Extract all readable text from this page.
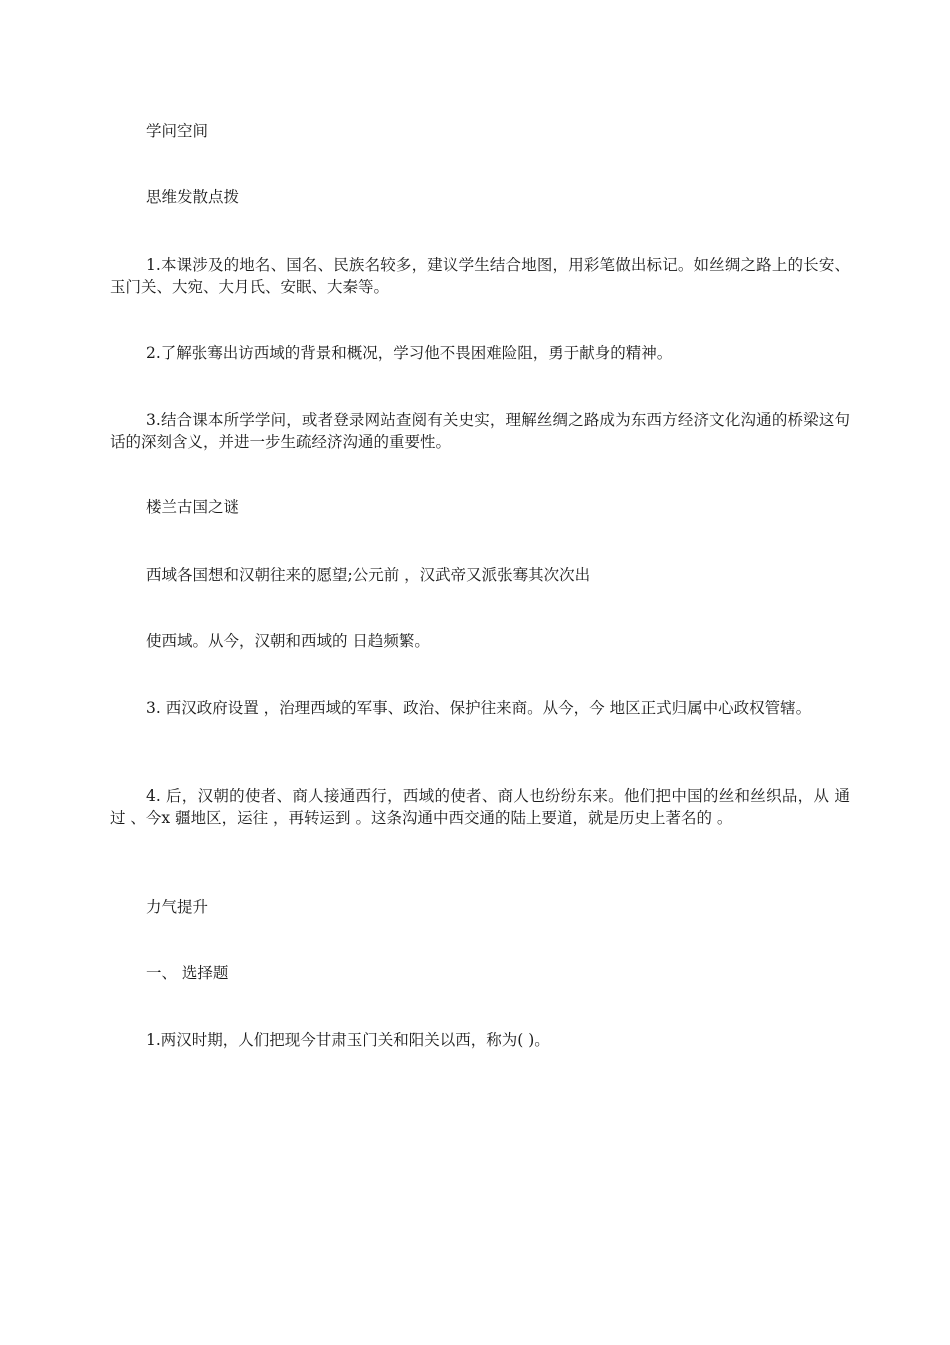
学问空间
思维发散点拨
1.本课涉及的地名、国名、民族名较多，建议学生结合地图，用彩笔做出标记。如丝绸之路上的长安、玉门关、大宛、大月氏、安眠、大秦等。
2.了解张骞出访西域的背景和概况，学习他不畏困难险阻，勇于献身的精神。
3.结合课本所学学问，或者登录网站查阅有关史实，理解丝绸之路成为东西方经济文化沟通的桥梁这句话的深刻含义，并进一步生疏经济沟通的重要性。
楼兰古国之谜
西域各国想和汉朝往来的愿望;公元前 ，汉武帝又派张骞其次次出
使西域。从今，汉朝和西域的 日趋频繁。
3. 西汉政府设置 ，治理西域的军事、政治、保护往来商。从今，今 地区正式归属中心政权管辖。
4. 后，汉朝的使者、商人接通西行，西域的使者、商人也纷纷东来。他们把中国的丝和丝织品，从 通过 、今x 疆地区，运往 ，再转运到 。这条沟通中西交通的陆上要道，就是历史上著名的 。
力气提升
一、 选择题
1.两汉时期，人们把现今甘肃玉门关和阳关以西，称为( )。
